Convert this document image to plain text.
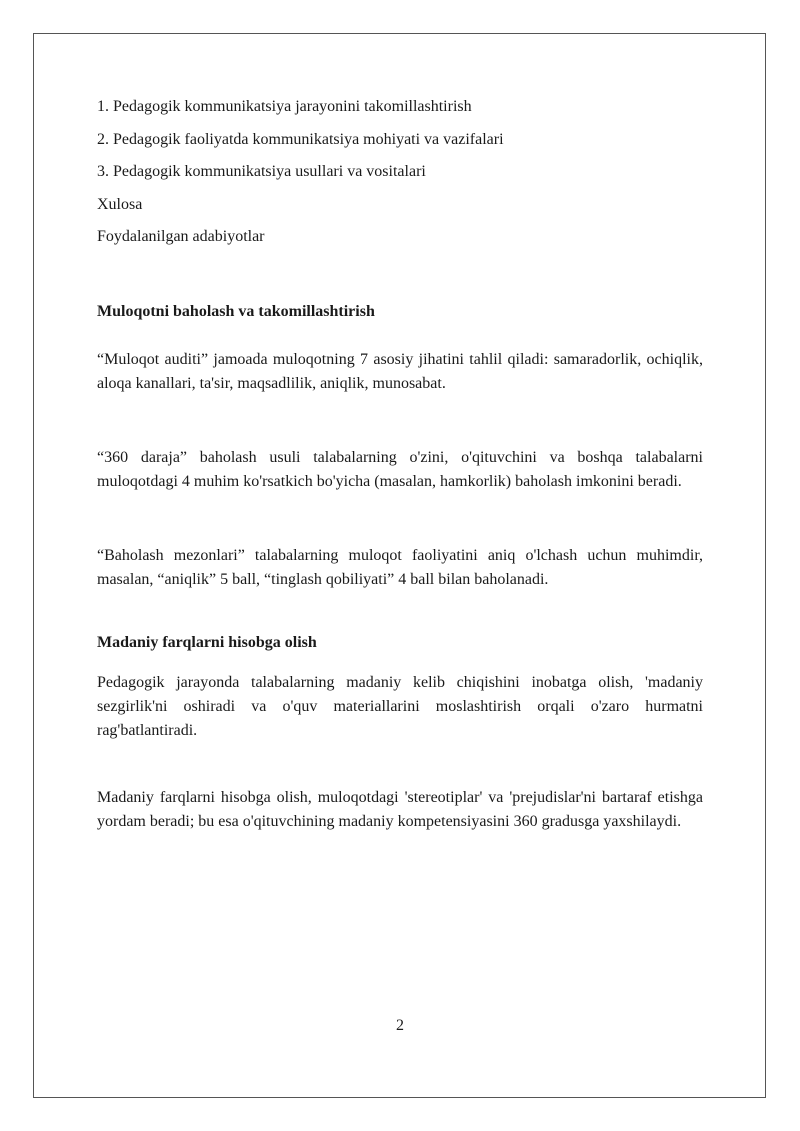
1. Pedagogik kommunikatsiya jarayonini takomillashtirish

2. Pedagogik faoliyatda kommunikatsiya mohiyati va vazifalari

3. Pedagogik kommunikatsiya usullari va vositalari

Xulosa

Foydalanilgan adabiyotlar

Muloqotni baholash va takomillashtirish

“Muloqot auditi” jamoada muloqotning 7 asosiy jihatini tahlil qiladi: samaradorlik, ochiqlik, aloqa kanallari, ta'sir, maqsadlilik, aniqlik, munosabat.

“360 daraja” baholash usuli talabalarning o'zini, o'qituvchini va boshqa talabalarni muloqotdagi 4 muhim ko'rsatkich bo'yicha (masalan, hamkorlik) baholash imkonini beradi.

“Baholash mezonlari” talabalarning muloqot faoliyatini aniq o'lchash uchun muhimdir, masalan, “aniqlik” 5 ball, “tinglash qobiliyati” 4 ball bilan baholanadi.

Madaniy farqlarni hisobga olish

Pedagogik jarayonda talabalarning madaniy kelib chiqishini inobatga olish, 'madaniy sezgirlik'ni oshiradi va o'quv materiallarini moslashtirish orqali o'zaro hurmatni rag'batlantiradi.

Madaniy farqlarni hisobga olish, muloqotdagi 'stereotiplar' va 'prejudislar'ni bartaraf etishga yordam beradi; bu esa o'qituvchining madaniy kompetensiyasini 360 gradusga yaxshilaydi.

2
